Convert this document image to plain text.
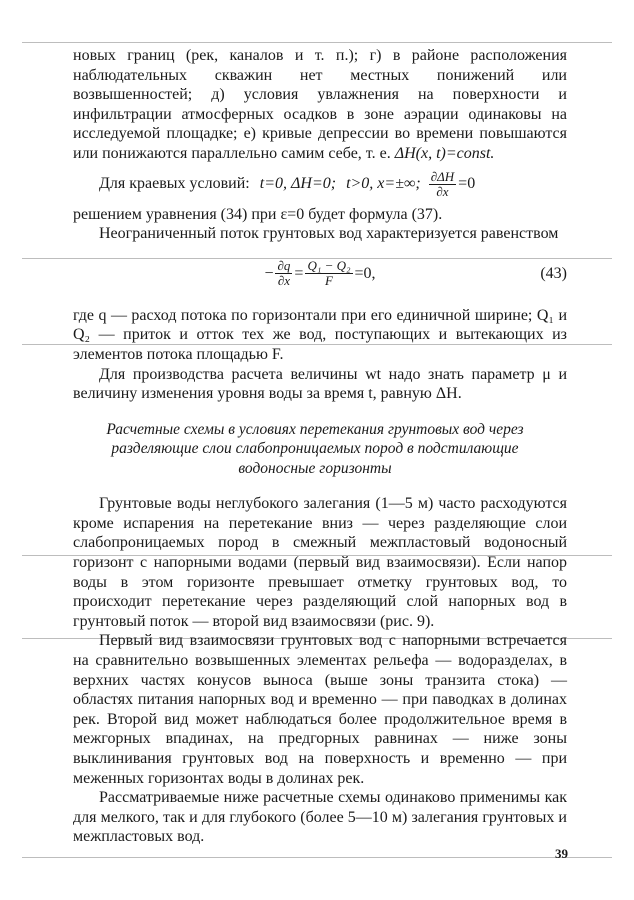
новых границ (рек, каналов и т. п.); г) в районе расположения наблюдательных скважин нет местных понижений или возвышенностей; д) условия увлажнения на поверхности и инфильтрации атмосферных осадков в зоне аэрации одинаковы на исследуемой площадке; е) кривые депрессии во времени повышаются или понижаются параллельно самим себе, т. е. ΔH(x, t)=const.

Для краевых условий: t=0, ΔH=0; t>0, x=±∞; $\frac{\partial\Delta H}{\partial x} =0$

решением уравнения (34) при ε=0 будет формула (37).

Неограниченный поток грунтовых вод характеризуется равенством

− $\frac{\partial q}{\partial x} = \frac{\text{Q₁ − Q₂}}{F} =0$,	(43)

где q — расход потока по горизонтали при его единичной ширине; Q₁ и Q₂ — приток и отток тех же вод, поступающих и вытекающих из элементов потока площадью F.

Для производства расчета величины wt надо знать параметр μ и величину изменения уровня воды за время t, равную ΔH.

Расчетные схемы в условиях перетекания грунтовых вод через разделяющие слои слабопроницаемых пород в подстилающие водоносные горизонты

Грунтовые воды неглубокого залегания (1—5 м) часто расходуются кроме испарения на перетекание вниз — через разделяющие слои слабопроницаемых пород в смежный межпластовый водоносный горизонт с напорными водами (первый вид взаимосвязи). Если напор воды в этом горизонте превышает отметку грунтовых вод, то происходит перетекание через разделяющий слой напорных вод в грунтовый поток — второй вид взаимосвязи (рис. 9).

Первый вид взаимосвязи грунтовых вод с напорными встречается на сравнительно возвышенных элементах рельефа — водоразделах, в верхних частях конусов выноса (выше зоны транзита стока) — областях питания напорных вод и временно — при паводках в долинах рек. Второй вид может наблюдаться более продолжительное время в межгорных впадинах, на предгорных равнинах — ниже зоны выклинивания грунтовых вод на поверхность и временно — при меженных горизонтах воды в долинах рек.

Рассматриваемые ниже расчетные схемы одинаково применимы как для мелкого, так и для глубокого (более 5—10 м) залегания грунтовых и межпластовых вод.

39
